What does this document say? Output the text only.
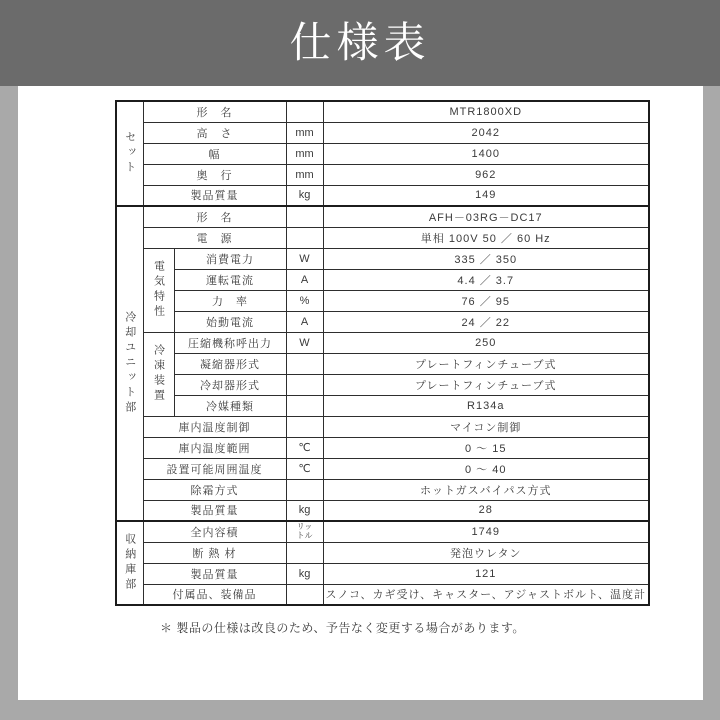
仕様表
セット	形　名			MTR1800XD
	高　さ		mm	2042
	幅		mm	1400
	奥　行		mm	962
	製品質量		kg	149
冷却ユニット部	形　名			AFH－03RG－DC17
	電　源			単相 100V 50 ／ 60 Hz
	電気特性	消費電力	W	335 ／ 350
		運転電流	A	4.4 ／ 3.7
		力　率	%	76 ／ 95
		始動電流	A	24 ／ 22
	冷凍装置	圧縮機称呼出力	W	250
		凝縮器形式		プレートフィンチューブ式
		冷却器形式		プレートフィンチューブ式
		冷媒種類		R134a
	庫内温度制御			マイコン制御
	庫内温度範囲		℃	0 ～ 15
	設置可能周囲温度		℃	0 ～ 40
	除霜方式			ホットガスバイパス方式
	製品質量		kg	28
収納庫部	全内容積		リットル	1749
	断 熱 材			発泡ウレタン
	製品質量		kg	121
	付属品、装備品			スノコ、カギ受け、キャスター、アジャストボルト、温度計
＊ 製品の仕様は改良のため、予告なく変更する場合があります。
